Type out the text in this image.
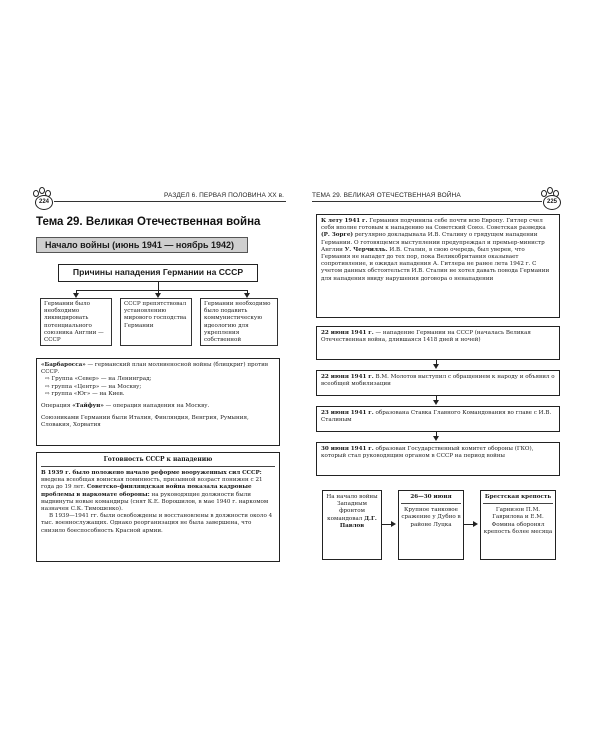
224
РАЗДЕЛ 6. ПЕРВАЯ ПОЛОВИНА XX в.
Тема 29. Великая Отечественная война
Начало войны (июнь 1941 — ноябрь 1942)
Причины нападения Германии на СССР

Германии было необходимо ликвидировать потенциального союзника Англии — СССР

СССР препятствовал установлению мирового господства Германии

Германии необходимо было подавить коммунистическую идеологию для укрепления собственной

«Барбаросса» — германский план молниеносной войны (блицкриг) против СССР.

⇨ Группа «Север» — на Ленинград;

⇨ группа «Центр» — на Москву;

⇨ группа «Юг» — на Киев.

Операция «Тайфун» — операция нападения на Москву.

Союзниками Германии были Италия, Финляндия, Венгрия, Румыния, Словакия, Хорватия

Готовность СССР к нападению

В 1939 г. было положено начало реформе вооруженных сил СССР: введена всеобщая воинская повинность, призывной возраст понижен с 21 года до 19 лет. Советско-финляндская война показала кадровые проблемы в наркомате обороны: на руководящие должности были выдвинуты новые командиры (снят К.Е. Ворошилов, в мае 1940 г. наркомом назначен С.К. Тимошенко).

В 1939—1941 гг. были освобождены и восстановлены в должности около 4 тыс. военнослужащих. Однако реорганизация не была завершена, что снизило боеспособность Красной армии.

ТЕМА 29. ВЕЛИКАЯ ОТЕЧЕСТВЕННАЯ ВОЙНА
225

К лету 1941 г. Германия подчинила себе почти всю Европу. Гитлер счел себя вполне готовым к нападению на Советский Союз. Советская разведка (Р. Зорге) регулярно докладывала И.В. Сталину о грядущем нападении Германии. О готовящемся выступлении предупреждал и премьер-министр Англии У. Черчилль. И.В. Сталин, в свою очередь, был уверен, что Германия не нападет до тех пор, пока Великобритания оказывает сопротивление, и ожидал нападения А. Гитлера не ранее лета 1942 г. С учетом данных обстоятельств И.В. Сталин не хотел давать повода Германии для нападения ввиду нарушения договора о ненападении

22 июня 1941 г. — нападение Германии на СССР (началась Великая Отечественная война, длившаяся 1418 дней и ночей)

22 июня 1941 г. В.М. Молотов выступил с обращением к народу и объявил о всеобщей мобилизации

23 июня 1941 г. образована Ставка Главного Командования во главе с И.В. Сталиным

30 июня 1941 г. образован Государственный комитет обороны (ГКО), который стал руководящим органом в СССР на период войны

На начало войны Западным фронтом командовал Д.Г. Павлов

26—30 июня

Крупное танковое сражение у Дубно в районе Луцка

Брестская крепость

Гарнизон П.М. Гаврилова и Е.М. Фомина оборонял крепость более месяца
